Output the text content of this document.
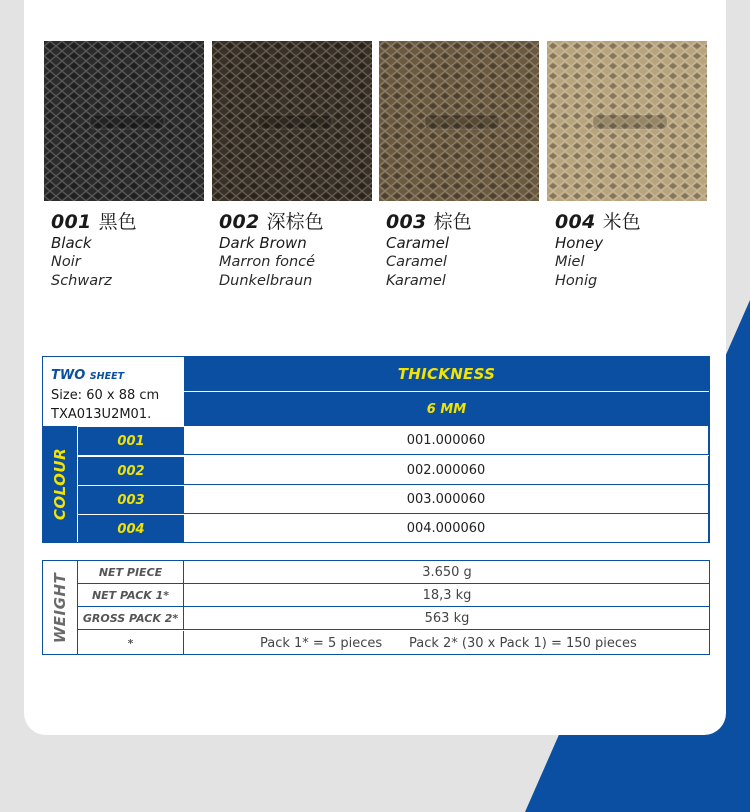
001 黑色
Black
Noir
Schwarz
002 深棕色
Dark Brown
Marron foncé
Dunkelbraun
003 棕色
Caramel
Caramel
Karamel
004 米色
Honey
Miel
Honig
TWO SHEET
Size: 60 x 88 cm
TXA013U2M01.
THICKNESS
6 MM
COLOUR
001	001.000060
002	002.000060
003	003.000060
004	004.000060
WEIGHT
NET PIECE	3.650 g
NET PACK 1*	18,3 kg
GROSS PACK 2*	563 kg
*	Pack 1* = 5 pieces Pack 2* (30 x Pack 1) = 150 pieces
